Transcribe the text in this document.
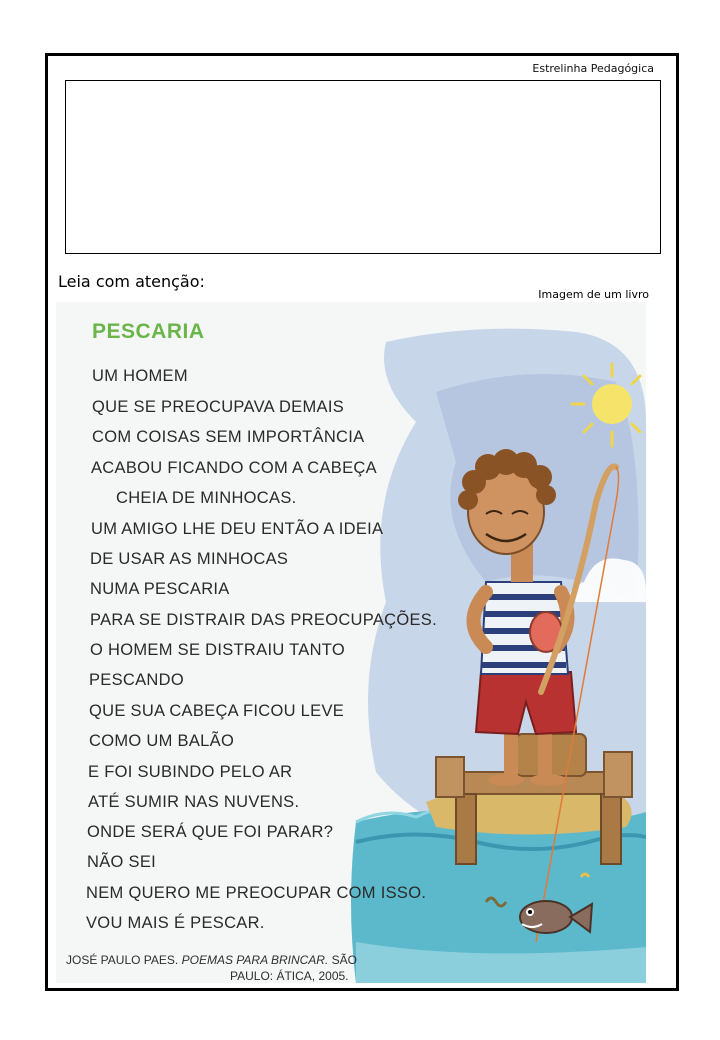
Estrelinha Pedagógica
Leia com atenção:
Imagem de um livro
PESCARIA
UM HOMEM
QUE SE PREOCUPAVA DEMAIS
COM COISAS SEM IMPORTÂNCIA
ACABOU FICANDO COM A CABEÇA
CHEIA DE MINHOCAS.
UM AMIGO LHE DEU ENTÃO A IDEIA
DE USAR AS MINHOCAS
NUMA PESCARIA
PARA SE DISTRAIR DAS PREOCUPAÇÕES.
O HOMEM SE DISTRAIU TANTO
PESCANDO
QUE SUA CABEÇA FICOU LEVE
COMO UM BALÃO
E FOI SUBINDO PELO AR
ATÉ SUMIR NAS NUVENS.
ONDE SERÁ QUE FOI PARAR?
NÃO SEI
NEM QUERO ME PREOCUPAR COM ISSO.
VOU MAIS É PESCAR.
JOSÉ PAULO PAES. POEMAS PARA BRINCAR. SÃO
PAULO: ÁTICA, 2005.
